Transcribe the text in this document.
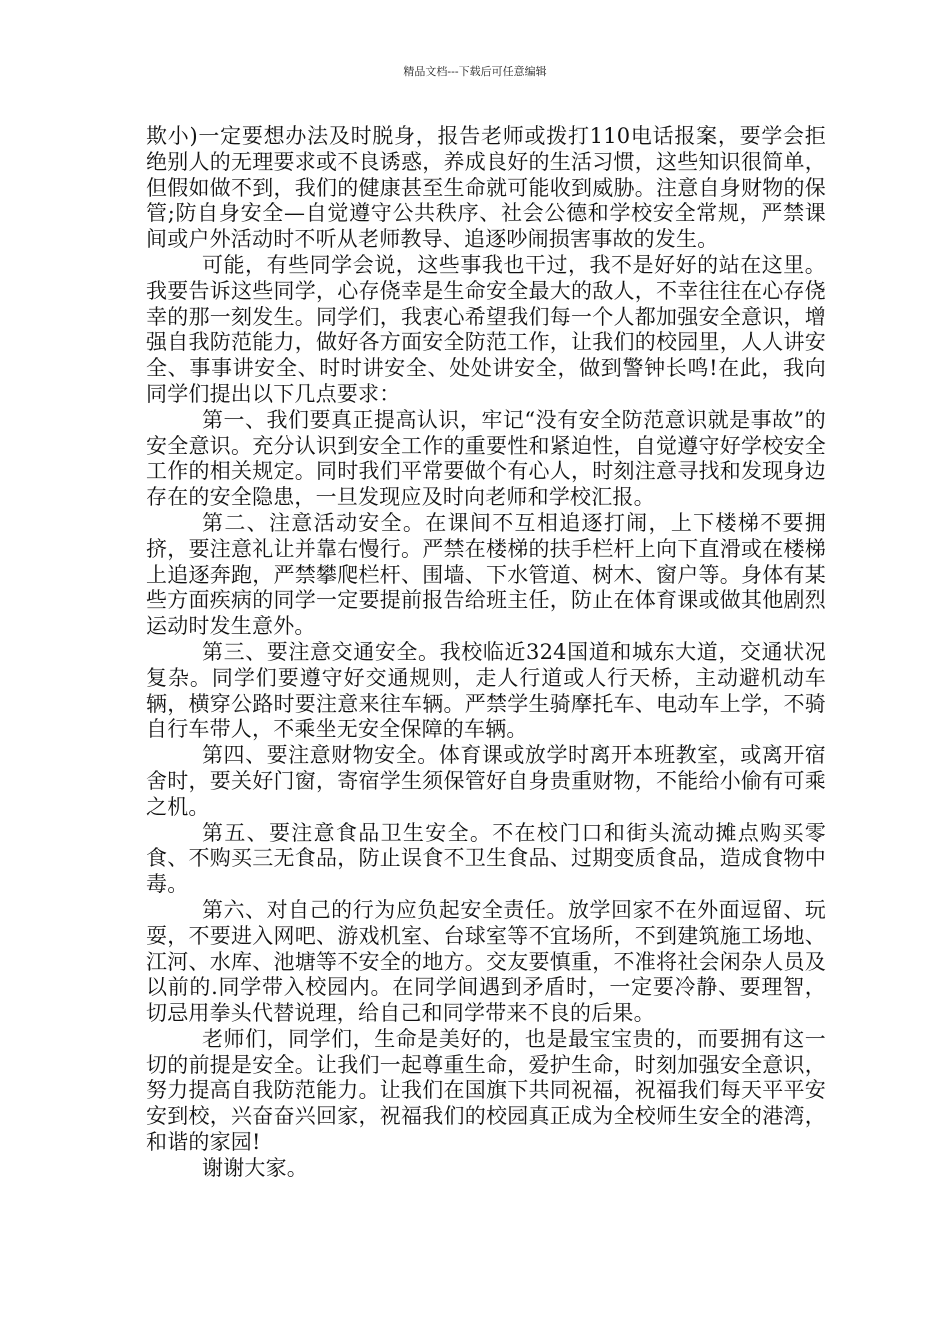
精品文档---下载后可任意编辑

欺小)一定要想办法及时脱身，报告老师或拨打110电话报案，要学会拒绝别人的无理要求或不良诱惑，养成良好的生活习惯，这些知识很简单，但假如做不到，我们的健康甚至生命就可能收到威胁。注意自身财物的保管;防自身安全—自觉遵守公共秩序、社会公德和学校安全常规，严禁课间或户外活动时不听从老师教导、追逐吵闹损害事故的发生。

可能，有些同学会说，这些事我也干过，我不是好好的站在这里。我要告诉这些同学，心存侥幸是生命安全最大的敌人，不幸往往在心存侥幸的那一刻发生。同学们，我衷心希望我们每一个人都加强安全意识，增强自我防范能力，做好各方面安全防范工作，让我们的校园里，人人讲安全、事事讲安全、时时讲安全、处处讲安全，做到警钟长鸣!在此，我向同学们提出以下几点要求：

第一、我们要真正提高认识，牢记“没有安全防范意识就是事故”的安全意识。充分认识到安全工作的重要性和紧迫性，自觉遵守好学校安全工作的相关规定。同时我们平常要做个有心人，时刻注意寻找和发现身边存在的安全隐患，一旦发现应及时向老师和学校汇报。

第二、注意活动安全。在课间不互相追逐打闹，上下楼梯不要拥挤，要注意礼让并靠右慢行。严禁在楼梯的扶手栏杆上向下直滑或在楼梯上追逐奔跑，严禁攀爬栏杆、围墙、下水管道、树木、窗户等。身体有某些方面疾病的同学一定要提前报告给班主任，防止在体育课或做其他剧烈运动时发生意外。

第三、要注意交通安全。我校临近324国道和城东大道，交通状况复杂。同学们要遵守好交通规则，走人行道或人行天桥，主动避机动车辆，横穿公路时要注意来往车辆。严禁学生骑摩托车、电动车上学，不骑自行车带人，不乘坐无安全保障的车辆。

第四、要注意财物安全。体育课或放学时离开本班教室，或离开宿舍时，要关好门窗，寄宿学生须保管好自身贵重财物，不能给小偷有可乘之机。

第五、要注意食品卫生安全。不在校门口和街头流动摊点购买零食、不购买三无食品，防止误食不卫生食品、过期变质食品，造成食物中毒。

第六、对自己的行为应负起安全责任。放学回家不在外面逗留、玩耍，不要进入网吧、游戏机室、台球室等不宜场所，不到建筑施工场地、江河、水库、池塘等不安全的地方。交友要慎重，不准将社会闲杂人员及以前的.同学带入校园内。在同学间遇到矛盾时，一定要冷静、要理智，切忌用拳头代替说理，给自己和同学带来不良的后果。

老师们，同学们，生命是美好的，也是最宝宝贵的，而要拥有这一切的前提是安全。让我们一起尊重生命，爱护生命，时刻加强安全意识，努力提高自我防范能力。让我们在国旗下共同祝福，祝福我们每天平平安安到校，兴奋奋兴回家，祝福我们的校园真正成为全校师生安全的港湾，和谐的家园!

谢谢大家。
